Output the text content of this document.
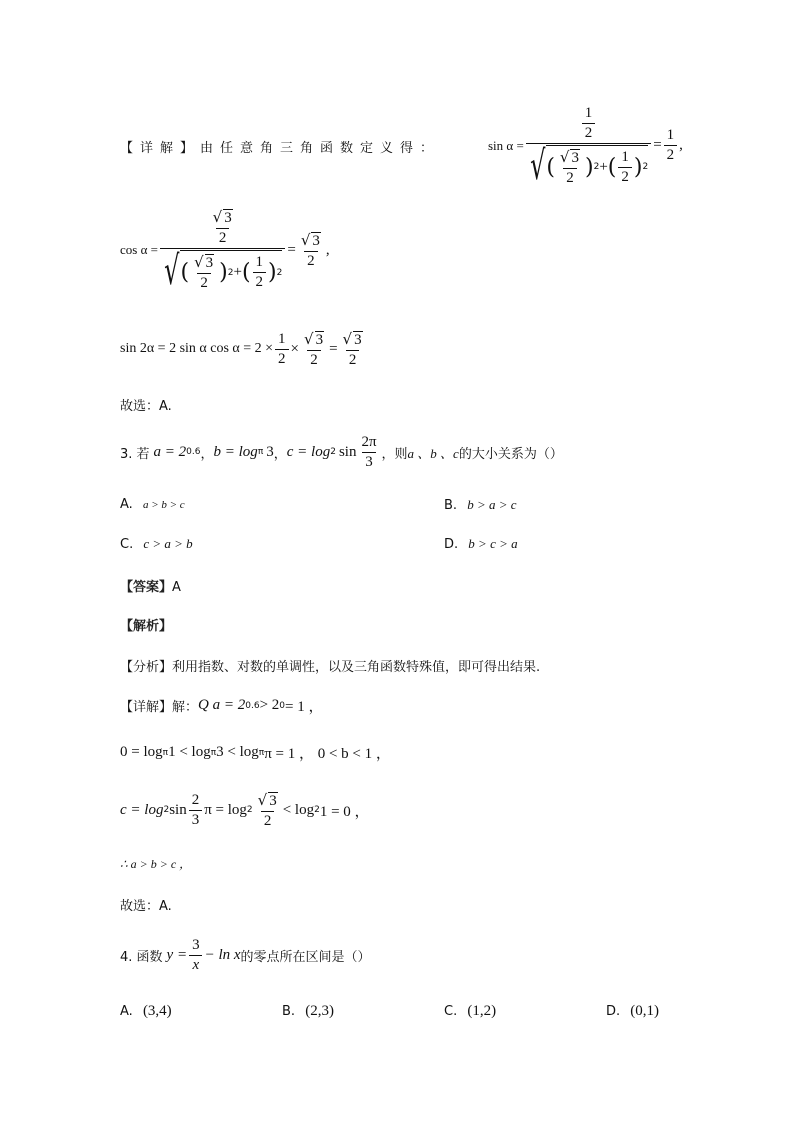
【详解】由任意角三角函数定义得：	sin α =
$\frac{1}{2}$
√ ( $\frac{√ 3}{2}$ ) 2 + ( $\frac{1}{2}$ ) 2
= $\frac{1}{2}$ ,
cos α =
$\frac{√ 3}{2}$
√ ( $\frac{√ 3}{2}$ ) 2 + ( $\frac{1}{2}$ ) 2
= $\frac{√ 3}{2}$ ,
sin 2α = 2 sin α $\cos \alpha = 2 \times \frac{1}{2} \times \frac{√ 3}{2} = \frac{√ 3}{2}$
故选：A.
3. 若 a = 2 0.6 ， b = log π 3 ， c = log 2 $\sin \frac{2\pi}{3}$ ，则 a 、b 、c 的大小关系为（）
A. a > b > c	B. b > a > c
C. c > a > b	D. b > c > a
【答案】A
【解析】
【分析】利用指数、对数的单调性，以及三角函数特殊值，即可得出结果.
【详解】解： Q a = 2 0.6 > 2 0 = 1 ，
0 = log π 1 < log π 3 < log π π = 1 ， 0 < b < 1 ，
c = log 2 $\sin \frac{2}{3}$ $\pi = \log 2 \frac{√ 3}{2} < \log 2$ 1 = 0 ，
∴ a > b > c ，
故选：A.
4. 函数 $y = \frac{3}{x} - \ln x$ 的零点所在区间是（）
A. (3,4)	B. (2,3)	C. (1,2)	D. (0,1)
